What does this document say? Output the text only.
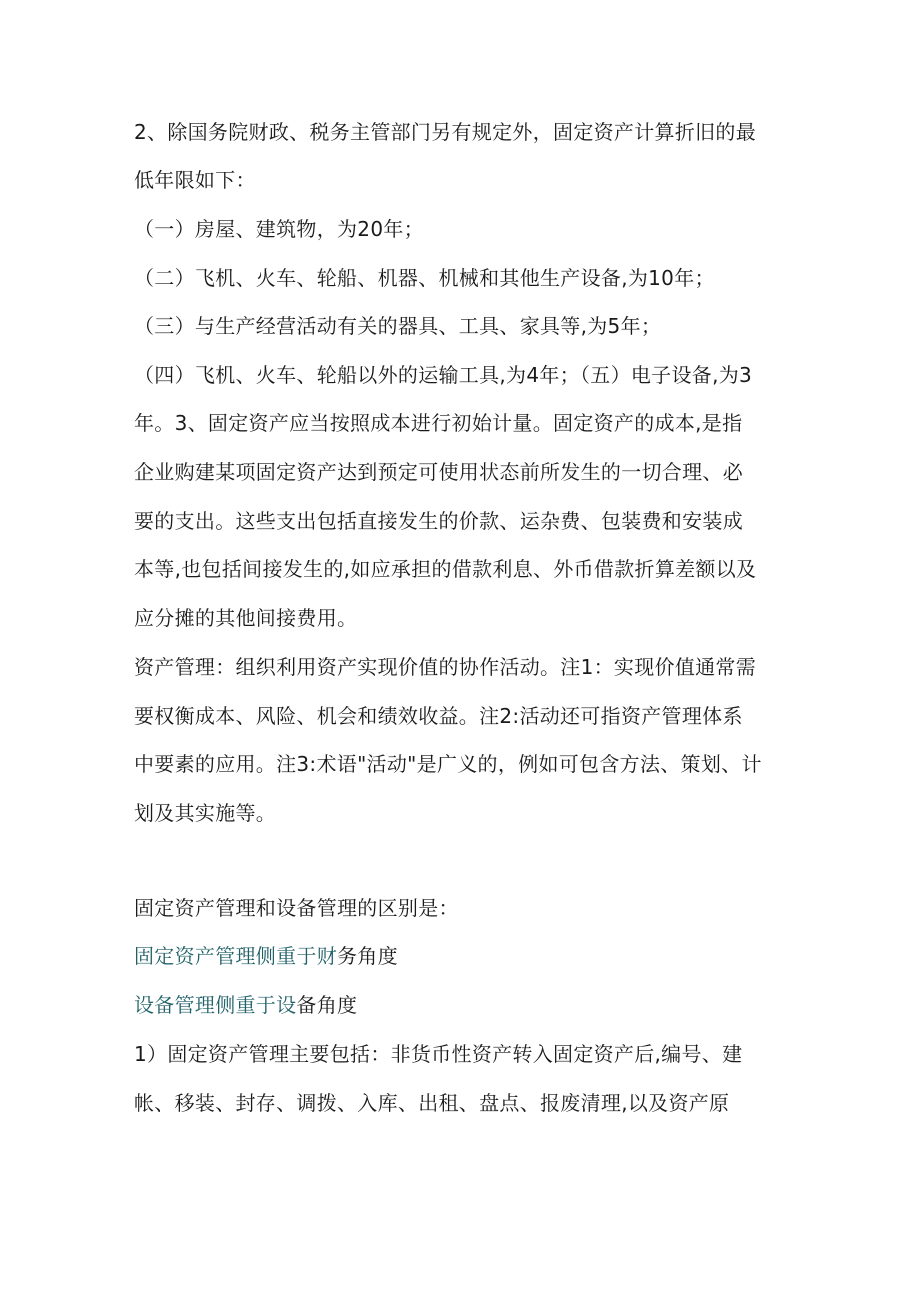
2、除国务院财政、税务主管部门另有规定外，固定资产计算折旧的最
低年限如下：
（一）房屋、建筑物，为20年；
（二）飞机、火车、轮船、机器、机械和其他生产设备,为10年；
（三）与生产经营活动有关的器具、工具、家具等,为5年；
（四）飞机、火车、轮船以外的运输工具,为4年；（五）电子设备,为3
年。3、固定资产应当按照成本进行初始计量。固定资产的成本,是指
企业购建某项固定资产达到预定可使用状态前所发生的一切合理、必
要的支出。这些支出包括直接发生的价款、运杂费、包装费和安装成
本等,也包括间接发生的,如应承担的借款利息、外币借款折算差额以及
应分摊的其他间接费用。
资产管理：组织利用资产实现价值的协作活动。注1：实现价值通常需
要权衡成本、风险、机会和绩效收益。注2:活动还可指资产管理体系
中要素的应用。注3:术语"活动"是广义的，例如可包含方法、策划、计
划及其实施等。
固定资产管理和设备管理的区别是：
固定资产管理侧重于财务角度
设备管理侧重于设备角度
1）固定资产管理主要包括：非货币性资产转入固定资产后,编号、建
帐、移装、封存、调拨、入库、出租、盘点、报废清理,以及资产原
